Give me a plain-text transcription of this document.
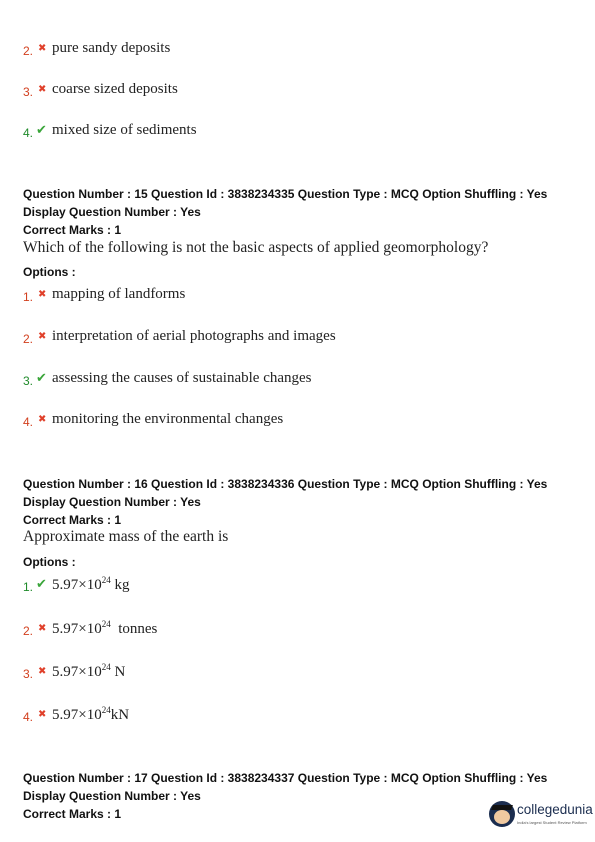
2. ✖ pure sandy deposits
3. ✖ coarse sized deposits
4. ✔ mixed size of sediments
Question Number : 15 Question Id : 3838234335 Question Type : MCQ Option Shuffling : Yes
Display Question Number : Yes
Correct Marks : 1
Which of the following is not the basic aspects of applied geomorphology?
Options :
1. ✖ mapping of landforms
2. ✖ interpretation of aerial photographs and images
3. ✔ assessing the causes of sustainable changes
4. ✖ monitoring the environmental changes
Question Number : 16 Question Id : 3838234336 Question Type : MCQ Option Shuffling : Yes
Display Question Number : Yes
Correct Marks : 1
Approximate mass of the earth is
Options :
1. ✔ $5.97\times 10^{24}$ kg
2. ✖ $5.97\times 10^{24}$ tonnes
3. ✖ $5.97\times 10^{24}$ N
4. ✖ $5.97\times 10^{24}kN$
Question Number : 17 Question Id : 3838234337 Question Type : MCQ Option Shuffling : Yes
Display Question Number : Yes
Correct Marks : 1	collegedunia
India's largest Student Review Platform
